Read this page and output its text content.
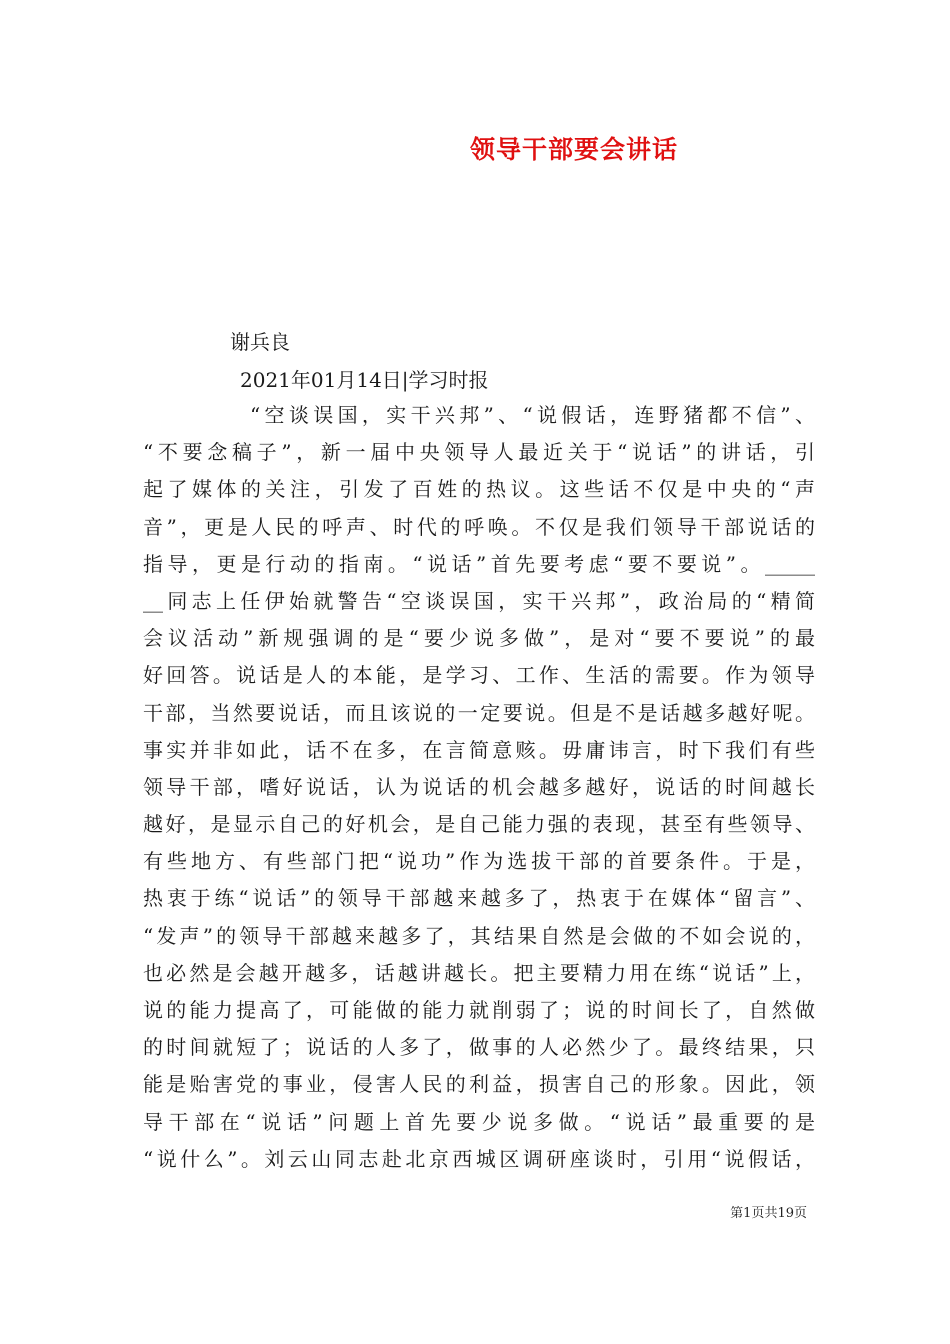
领导干部要会讲话
谢兵良
2021年01月14日|学习时报
“空谈误国，实干兴邦”、“说假话，连野猪都不信”、
“不要念稿子”，新一届中央领导人最近关于“说话”的讲话，引
起了媒体的关注，引发了百姓的热议。这些话不仅是中央的“声
音”，更是人民的呼声、时代的呼唤。不仅是我们领导干部说话的
指导，更是行动的指南。“说话”首先要考虑“要不要说”。_____
__同志上任伊始就警告“空谈误国，实干兴邦”，政治局的“精简
会议活动”新规强调的是“要少说多做”，是对“要不要说”的最
好回答。说话是人的本能，是学习、工作、生活的需要。作为领导
干部，当然要说话，而且该说的一定要说。但是不是话越多越好呢。
事实并非如此，话不在多，在言简意赅。毋庸讳言，时下我们有些
领导干部，嗜好说话，认为说话的机会越多越好，说话的时间越长
越好，是显示自己的好机会，是自己能力强的表现，甚至有些领导、
有些地方、有些部门把“说功”作为选拔干部的首要条件。于是，
热衷于练“说话”的领导干部越来越多了，热衷于在媒体“留言”、
“发声”的领导干部越来越多了，其结果自然是会做的不如会说的，
也必然是会越开越多，话越讲越长。把主要精力用在练“说话”上，
说的能力提高了，可能做的能力就削弱了；说的时间长了，自然做
的时间就短了；说话的人多了，做事的人必然少了。最终结果，只
能是贻害党的事业，侵害人民的利益，损害自己的形象。因此，领
导干部在“说话”问题上首先要少说多做。“说话”最重要的是
“说什么”。刘云山同志赴北京西城区调研座谈时，引用“说假话，
第1页共19页
